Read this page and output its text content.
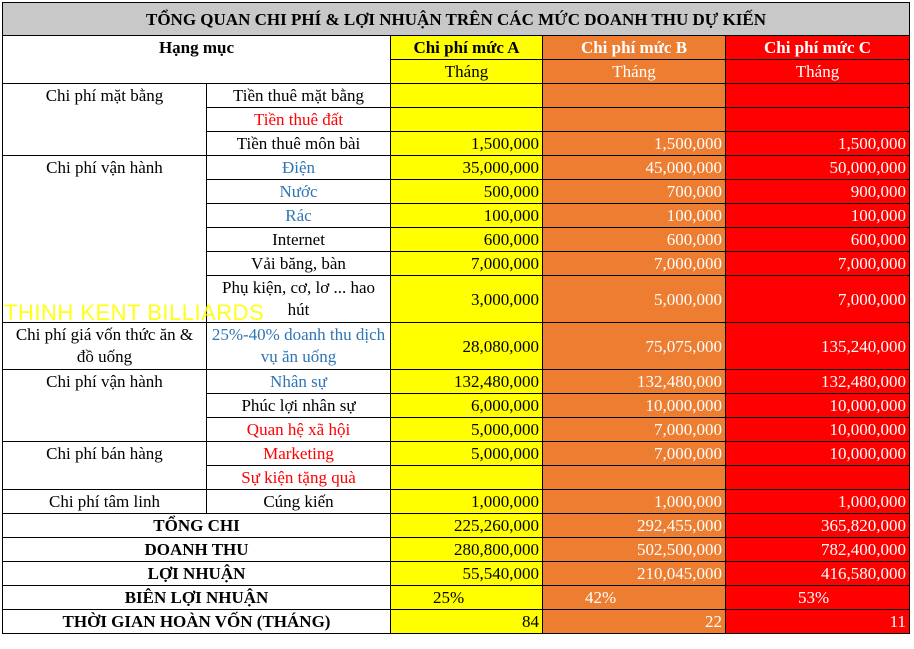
TỔNG QUAN CHI PHÍ & LỢI NHUẬN TRÊN CÁC MỨC DOANH THU DỰ KIẾN				
Hạng mục		Chi phí mức A	Chi phí mức B	Chi phí mức C
		Tháng	Tháng	Tháng
Chi phí mặt bằng	Tiền thuê mặt bằng			
	Tiền thuê đất			
	Tiền thuê môn bài	1,500,000	1,500,000	1,500,000
Chi phí vận hành	Điện	35,000,000	45,000,000	50,000,000
	Nước	500,000	700,000	900,000
	Rác	100,000	100,000	100,000
	Internet	600,000	600,000	600,000
	Vải băng, bàn	7,000,000	7,000,000	7,000,000
	Phụ kiện, cơ, lơ ... hao hút	3,000,000	5,000,000	7,000,000
Chi phí giá vốn thức ăn & đồ uống	25%-40% doanh thu dịch vụ ăn uống	28,080,000	75,075,000	135,240,000
Chi phí vận hành	Nhân sự	132,480,000	132,480,000	132,480,000
	Phúc lợi nhân sự	6,000,000	10,000,000	10,000,000
	Quan hệ xã hội	5,000,000	7,000,000	10,000,000
Chi phí bán hàng	Marketing	5,000,000	7,000,000	10,000,000
	Sự kiện tặng quà			
Chi phí tâm linh	Cúng kiến	1,000,000	1,000,000	1,000,000
TỔNG CHI		225,260,000	292,455,000	365,820,000
DOANH THU		280,800,000	502,500,000	782,400,000
LỢI NHUẬN		55,540,000	210,045,000	416,580,000
BIÊN LỢI NHUẬN		25%	42%	53%
THỜI GIAN HOÀN VỐN (THÁNG)		84	22	11
THINH KENT BILLIARDS
